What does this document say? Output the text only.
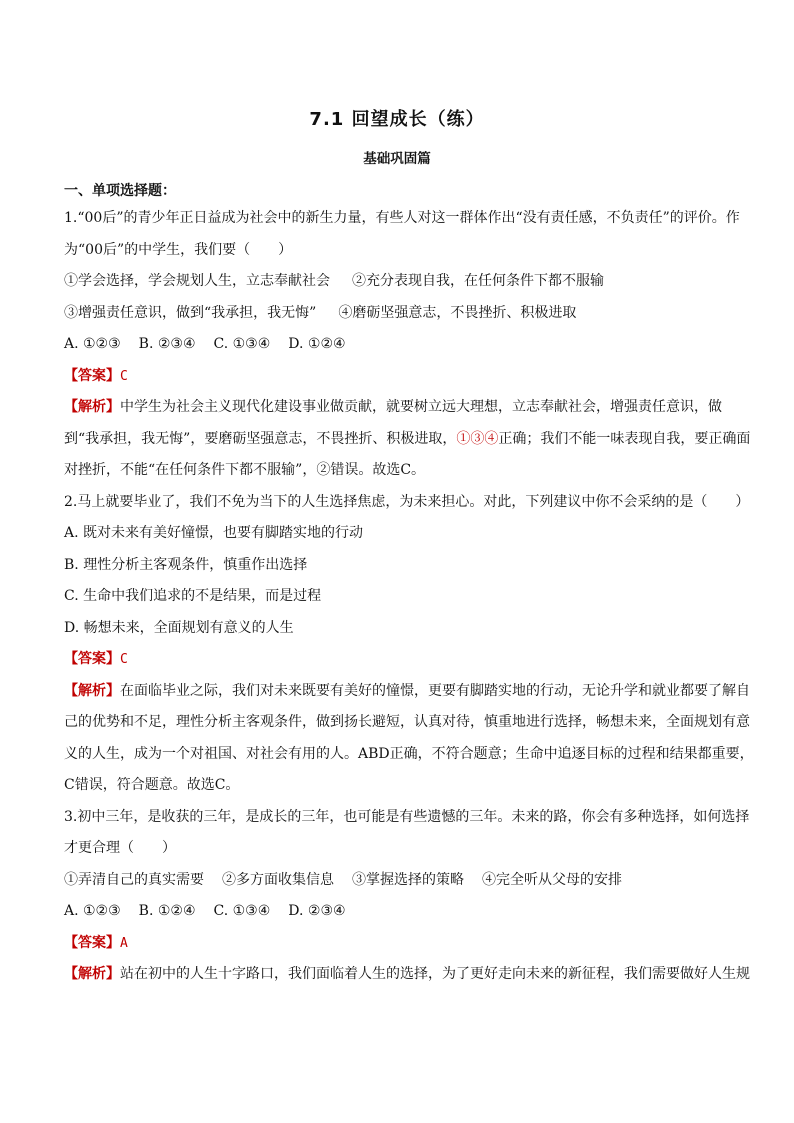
7.1 回望成长（练）
基础巩固篇
一、单项选择题：
1.“00后”的青少年正日益成为社会中的新生力量，有些人对这一群体作出“没有责任感，不负责任”的评价。作为“00后”的中学生，我们要（　　）
①学会选择，学会规划人生，立志奉献社会 ②充分表现自我，在任何条件下都不服输
③增强责任意识，做到“我承担，我无悔” ④磨砺坚强意志，不畏挫折、积极进取
A. ①②③ B. ②③④ C. ①③④ D. ①②④
【答案】C
【解析】中学生为社会主义现代化建设事业做贡献，就要树立远大理想，立志奉献社会，增强责任意识，做到“我承担，我无悔”，要磨砺坚强意志，不畏挫折、积极进取，①③④正确；我们不能一味表现自我，要正确面对挫折，不能“在任何条件下都不服输”，②错误。故选C。
2.马上就要毕业了，我们不免为当下的人生选择焦虑，为未来担心。对此，下列建议中你不会采纳的是（　　）
A. 既对未来有美好憧憬，也要有脚踏实地的行动
B. 理性分析主客观条件，慎重作出选择
C. 生命中我们追求的不是结果，而是过程
D. 畅想未来，全面规划有意义的人生
【答案】C
【解析】在面临毕业之际，我们对未来既要有美好的憧憬，更要有脚踏实地的行动，无论升学和就业都要了解自己的优势和不足，理性分析主客观条件，做到扬长避短，认真对待，慎重地进行选择，畅想未来，全面规划有意义的人生，成为一个对祖国、对社会有用的人。ABD正确，不符合题意；生命中追逐目标的过程和结果都重要，C错误，符合题意。故选C。
3.初中三年，是收获的三年，是成长的三年，也可能是有些遗憾的三年。未来的路，你会有多种选择，如何选择才更合理（　　）
①弄清自己的真实需要 ②多方面收集信息 ③掌握选择的策略 ④完全听从父母的安排
A. ①②③ B. ①②④ C. ①③④ D. ②③④
【答案】A
【解析】站在初中的人生十字路口，我们面临着人生的选择，为了更好走向未来的新征程，我们需要做好人生规
